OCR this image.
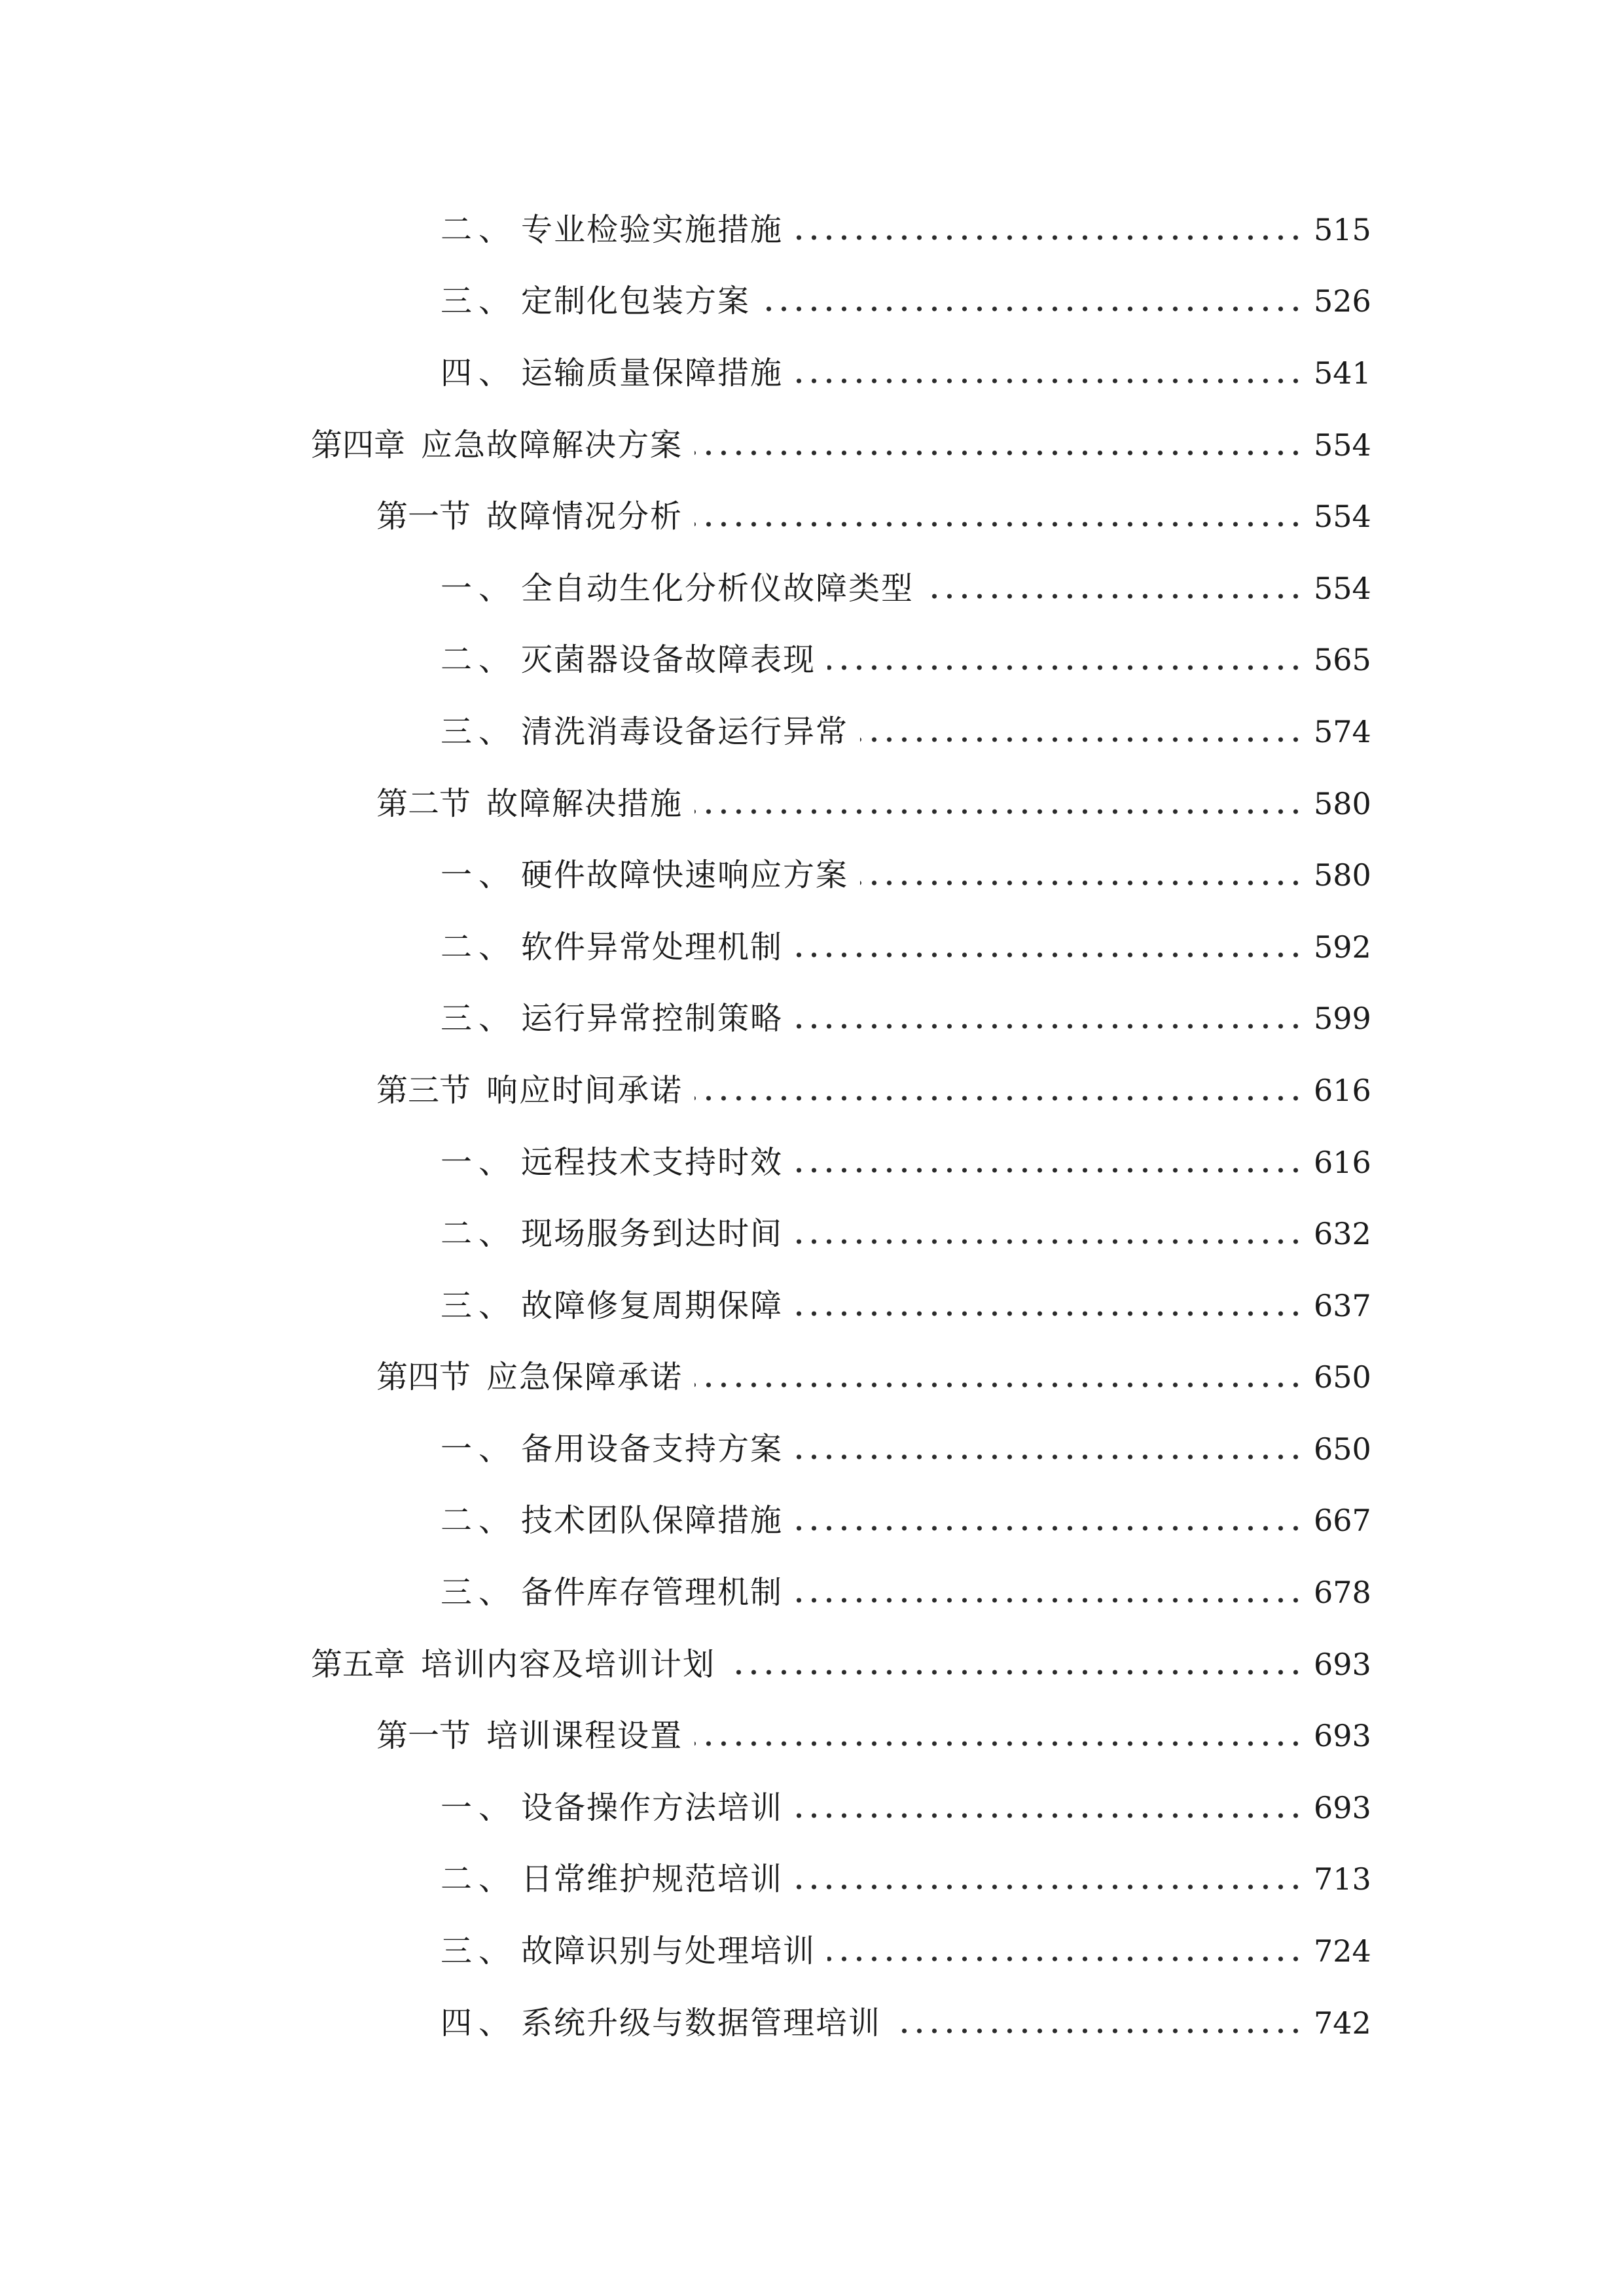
二、 专业检验实施措施	515
三、 定制化包装方案	526
四、 运输质量保障措施	541
第四章 应急故障解决方案	554
第一节 故障情况分析	554
一、 全自动生化分析仪故障类型	554
二、 灭菌器设备故障表现	565
三、 清洗消毒设备运行异常	574
第二节 故障解决措施	580
一、 硬件故障快速响应方案	580
二、 软件异常处理机制	592
三、 运行异常控制策略	599
第三节 响应时间承诺	616
一、 远程技术支持时效	616
二、 现场服务到达时间	632
三、 故障修复周期保障	637
第四节 应急保障承诺	650
一、 备用设备支持方案	650
二、 技术团队保障措施	667
三、 备件库存管理机制	678
第五章 培训内容及培训计划	693
第一节 培训课程设置	693
一、 设备操作方法培训	693
二、 日常维护规范培训	713
三、 故障识别与处理培训	724
四、 系统升级与数据管理培训	742
